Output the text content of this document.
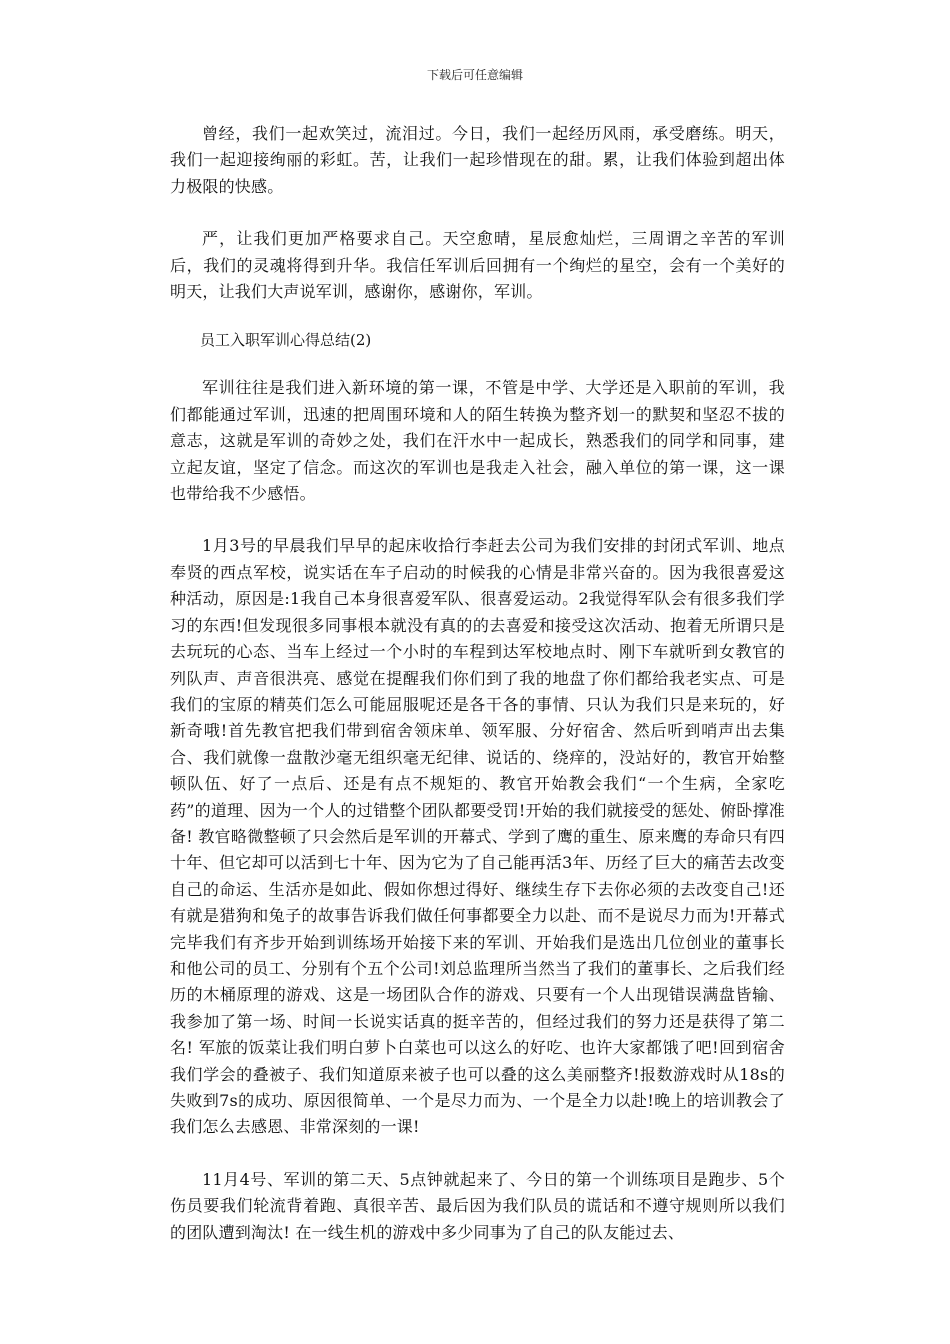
下载后可任意编辑

曾经，我们一起欢笑过，流泪过。今日，我们一起经历风雨，承受磨练。明天，我们一起迎接绚丽的彩虹。苦，让我们一起珍惜现在的甜。累，让我们体验到超出体力极限的快感。

严，让我们更加严格要求自己。天空愈晴，星辰愈灿烂，三周谓之辛苦的军训后，我们的灵魂将得到升华。我信任军训后回拥有一个绚烂的星空，会有一个美好的明天，让我们大声说军训，感谢你，感谢你，军训。

员工入职军训心得总结(2)

军训往往是我们进入新环境的第一课，不管是中学、大学还是入职前的军训，我们都能通过军训，迅速的把周围环境和人的陌生转换为整齐划一的默契和坚忍不拔的意志，这就是军训的奇妙之处，我们在汗水中一起成长，熟悉我们的同学和同事，建立起友谊，坚定了信念。而这次的军训也是我走入社会，融入单位的第一课，这一课也带给我不少感悟。

1月3号的早晨我们早早的起床收拾行李赶去公司为我们安排的封闭式军训、地点奉贤的西点军校，说实话在车子启动的时候我的心情是非常兴奋的。因为我很喜爱这种活动，原因是:1我自己本身很喜爱军队、很喜爱运动。2我觉得军队会有很多我们学习的东西!但发现很多同事根本就没有真的的去喜爱和接受这次活动、抱着无所谓只是去玩玩的心态、当车上经过一个小时的车程到达军校地点时、刚下车就听到女教官的列队声、声音很洪亮、感觉在提醒我们你们到了我的地盘了你们都给我老实点、可是我们的宝原的精英们怎么可能屈服呢还是各干各的事情、只认为我们只是来玩的，好新奇哦!首先教官把我们带到宿舍领床单、领军服、分好宿舍、然后听到哨声出去集合、我们就像一盘散沙毫无组织毫无纪律、说话的、绕痒的，没站好的，教官开始整顿队伍、好了一点后、还是有点不规矩的、教官开始教会我们“一个生病，全家吃药”的道理、因为一个人的过错整个团队都要受罚!开始的我们就接受的惩处、俯卧撑准备! 教官略微整顿了只会然后是军训的开幕式、学到了鹰的重生、原来鹰的寿命只有四十年、但它却可以活到七十年、因为它为了自己能再活3年、历经了巨大的痛苦去改变自己的命运、生活亦是如此、假如你想过得好、继续生存下去你必须的去改变自己!还有就是猎狗和兔子的故事告诉我们做任何事都要全力以赴、而不是说尽力而为!开幕式完毕我们有齐步开始到训练场开始接下来的军训、开始我们是选出几位创业的董事长和他公司的员工、分别有个五个公司!刘总监理所当然当了我们的董事长、之后我们经历的木桶原理的游戏、这是一场团队合作的游戏、只要有一个人出现错误满盘皆输、我参加了第一场、时间一长说实话真的挺辛苦的，但经过我们的努力还是获得了第二名! 军旅的饭菜让我们明白萝卜白菜也可以这么的好吃、也许大家都饿了吧!回到宿舍我们学会的叠被子、我们知道原来被子也可以叠的这么美丽整齐!报数游戏时从18s的失败到7s的成功、原因很简单、一个是尽力而为、一个是全力以赴!晚上的培训教会了我们怎么去感恩、非常深刻的一课!

11月4号、军训的第二天、5点钟就起来了、今日的第一个训练项目是跑步、5个伤员要我们轮流背着跑、真很辛苦、最后因为我们队员的谎话和不遵守规则所以我们的团队遭到淘汰! 在一线生机的游戏中多少同事为了自己的队友能过去、
